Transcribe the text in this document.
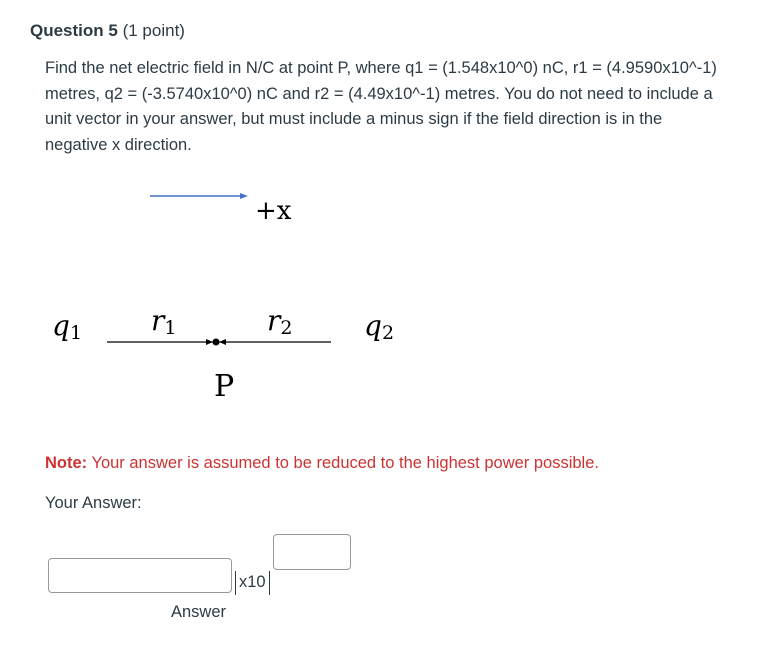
Question 5 (1 point)
Find the net electric field in N/C at point P, where q1 = (1.548x10^0) nC, r1 = (4.9590x10^-1) metres, q2 = (-3.5740x10^0) nC and r2 = (4.49x10^-1) metres. You do not need to include a unit vector in your answer, but must include a minus sign if the field direction is in the negative x direction.
+x
q1 r1	r2	q2
P
Note: Your answer is assumed to be reduced to the highest power possible.
Your Answer:
x10
Answer
